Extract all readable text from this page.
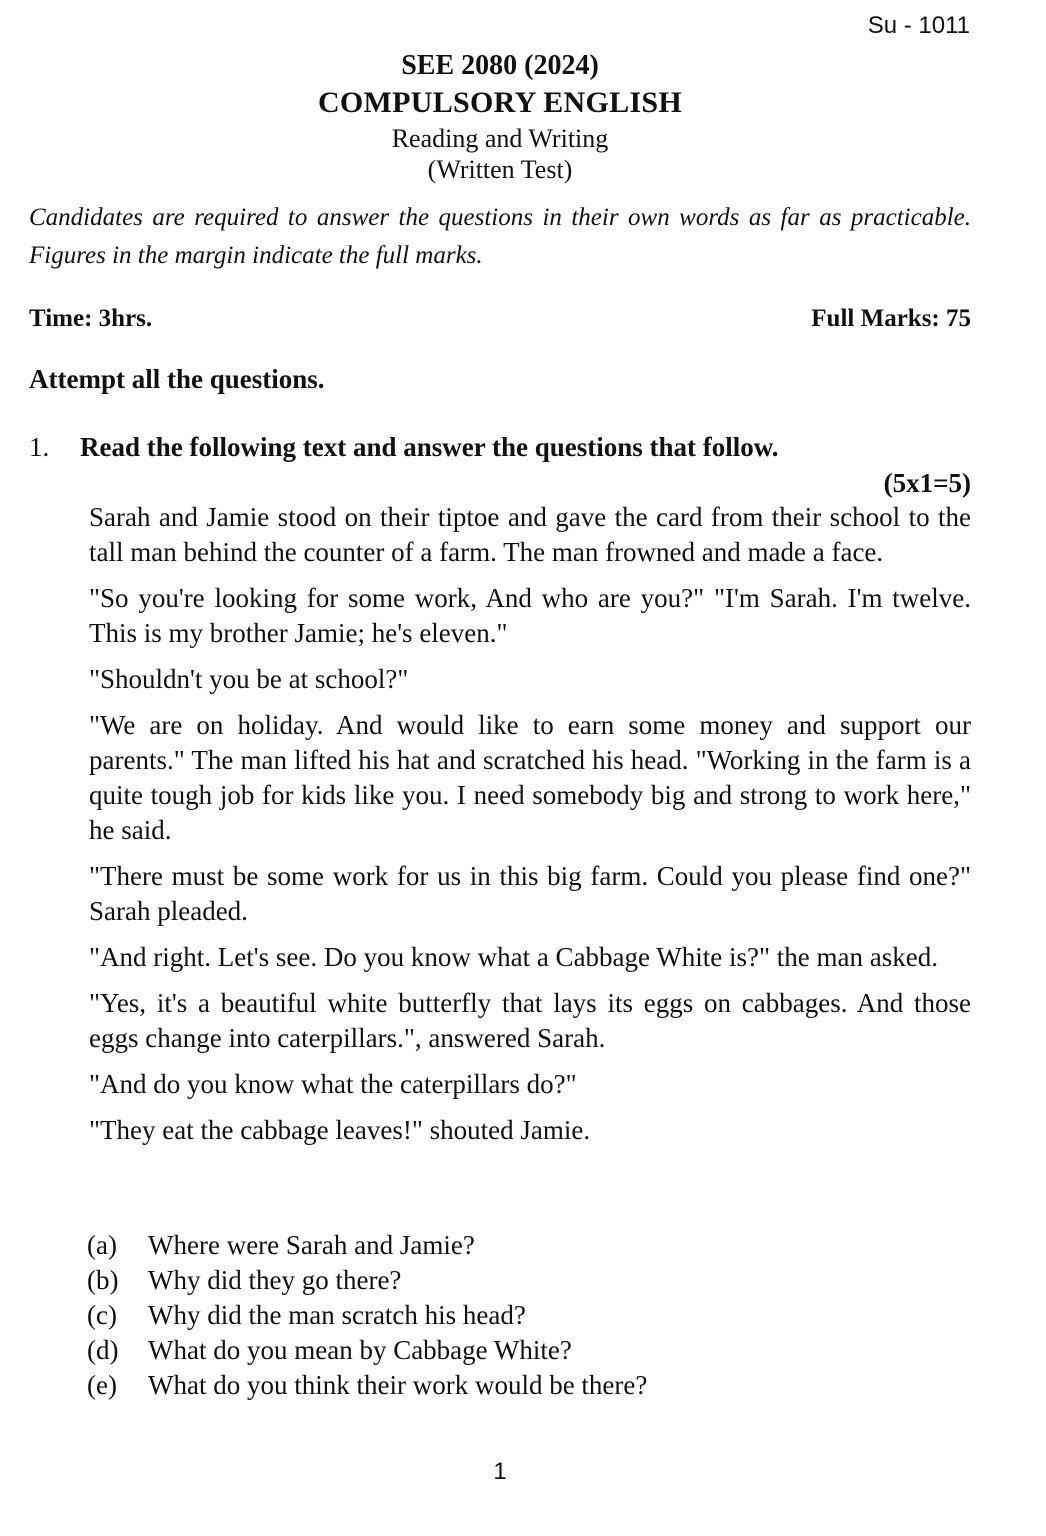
Su - 1011
SEE 2080 (2024)
COMPULSORY ENGLISH
Reading and Writing
(Written Test)
Candidates are required to answer the questions in their own words as far as practicable. Figures in the margin indicate the full marks.
Time: 3hrs.	Full Marks: 75
Attempt all the questions.
1. Read the following text and answer the questions that follow.
(5x1=5)

Sarah and Jamie stood on their tiptoe and gave the card from their school to the tall man behind the counter of a farm. The man frowned and made a face.

"So you're looking for some work, And who are you?" "I'm Sarah. I'm twelve. This is my brother Jamie; he's eleven."

"Shouldn't you be at school?"

"We are on holiday. And would like to earn some money and support our parents." The man lifted his hat and scratched his head. "Working in the farm is a quite tough job for kids like you. I need somebody big and strong to work here," he said.

"There must be some work for us in this big farm. Could you please find one?" Sarah pleaded.

"And right. Let's see. Do you know what a Cabbage White is?" the man asked.

"Yes, it's a beautiful white butterfly that lays its eggs on cabbages. And those eggs change into caterpillars.", answered Sarah.

"And do you know what the caterpillars do?"

"They eat the cabbage leaves!" shouted Jamie.

(a)	Where were Sarah and Jamie?
(b)	Why did they go there?
(c)	Why did the man scratch his head?
(d)	What do you mean by Cabbage White?
(e)	What do you think their work would be there?
1
